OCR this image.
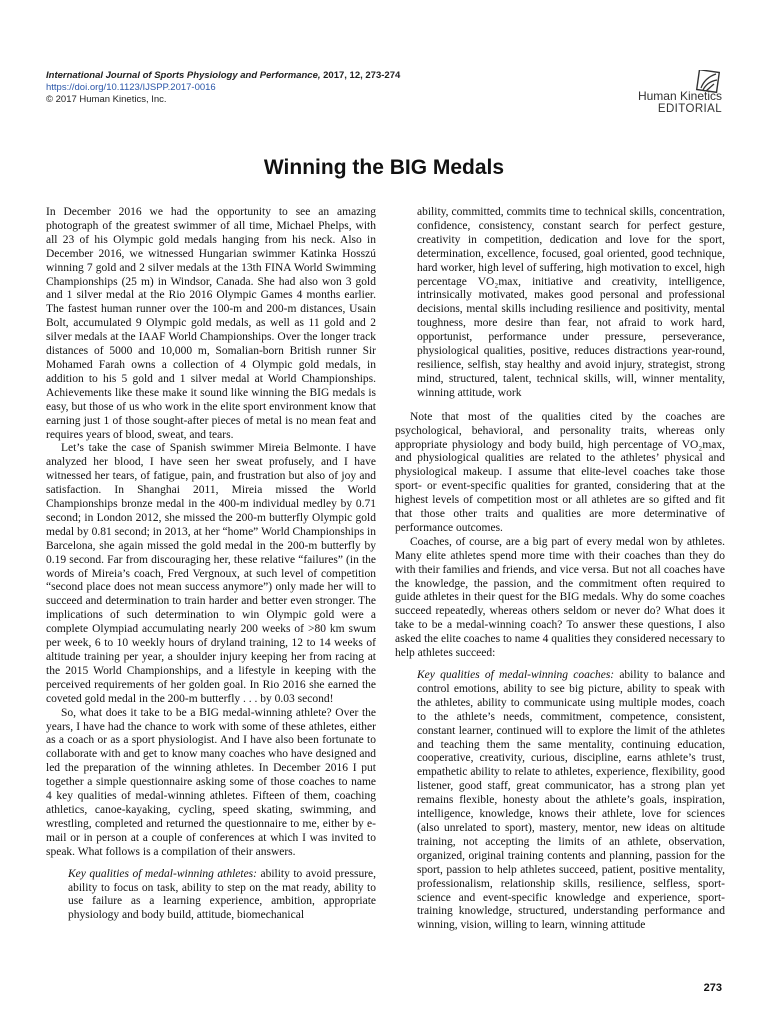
International Journal of Sports Physiology and Performance, 2017, 12, 273-274
https://doi.org/10.1123/IJSPP.2017-0016
© 2017 Human Kinetics, Inc.	Human Kinetics
EDITORIAL
Winning the BIG Medals

In December 2016 we had the opportunity to see an amazing photograph of the greatest swimmer of all time, Michael Phelps, with all 23 of his Olympic gold medals hanging from his neck. Also in December 2016, we witnessed Hungarian swimmer Katinka Hosszú winning 7 gold and 2 silver medals at the 13th FINA World Swimming Championships (25 m) in Windsor, Canada. She had also won 3 gold and 1 silver medal at the Rio 2016 Olympic Games 4 months earlier. The fastest human runner over the 100-m and 200-m distances, Usain Bolt, accumulated 9 Olympic gold medals, as well as 11 gold and 2 silver medals at the IAAF World Championships. Over the longer track distances of 5000 and 10,000 m, Somalian-born British runner Sir Mohamed Farah owns a collection of 4 Olympic gold medals, in addition to his 5 gold and 1 silver medal at World Championships. Achievements like these make it sound like winning the BIG medals is easy, but those of us who work in the elite sport environment know that earning just 1 of those sought-after pieces of metal is no mean feat and requires years of blood, sweat, and tears.

Let’s take the case of Spanish swimmer Mireia Belmonte. I have analyzed her blood, I have seen her sweat profusely, and I have witnessed her tears, of fatigue, pain, and frustration but also of joy and satisfaction. In Shanghai 2011, Mireia missed the World Championships bronze medal in the 400-m individual medley by 0.71 second; in London 2012, she missed the 200-m butterfly Olympic gold medal by 0.81 second; in 2013, at her “home” World Championships in Barcelona, she again missed the gold medal in the 200-m butterfly by 0.19 second. Far from discouraging her, these relative “failures” (in the words of Mireia’s coach, Fred Vergnoux, at such level of competition “second place does not mean success anymore”) only made her will to succeed and determination to train harder and better even stronger. The implications of such determination to win Olympic gold were a complete Olympiad accumulating nearly 200 weeks of >80 km swum per week, 6 to 10 weekly hours of dryland training, 12 to 14 weeks of altitude training per year, a shoulder injury keeping her from racing at the 2015 World Championships, and a lifestyle in keeping with the perceived requirements of her golden goal. In Rio 2016 she earned the coveted gold medal in the 200-m butterfly . . . by 0.03 second!

So, what does it take to be a BIG medal-winning athlete? Over the years, I have had the chance to work with some of these athletes, either as a coach or as a sport physiologist. And I have also been fortunate to collaborate with and get to know many coaches who have designed and led the preparation of the winning athletes. In December 2016 I put together a simple questionnaire asking some of those coaches to name 4 key qualities of medal-winning athletes. Fifteen of them, coaching athletics, canoe-kayaking, cycling, speed skating, swimming, and wrestling, completed and returned the questionnaire to me, either by e-mail or in person at a couple of conferences at which I was invited to speak. What follows is a compilation of their answers.

Key qualities of medal-winning athletes: ability to avoid pressure, ability to focus on task, ability to step on the mat ready, ability to use failure as a learning experience, ambition, appropriate physiology and body build, attitude, biomechanical

ability, committed, commits time to technical skills, concentration, confidence, consistency, constant search for perfect gesture, creativity in competition, dedication and love for the sport, determination, excellence, focused, goal oriented, good technique, hard worker, high level of suffering, high motivation to excel, high percentage VO₂max, initiative and creativity, intelligence, intrinsically motivated, makes good personal and professional decisions, mental skills including resilience and positivity, mental toughness, more desire than fear, not afraid to work hard, opportunist, performance under pressure, perseverance, physiological qualities, positive, reduces distractions year-round, resilience, selfish, stay healthy and avoid injury, strategist, strong mind, structured, talent, technical skills, will, winner mentality, winning attitude, work

Note that most of the qualities cited by the coaches are psychological, behavioral, and personality traits, whereas only appropriate physiology and body build, high percentage of VO₂max, and physiological qualities are related to the athletes’ physical and physiological makeup. I assume that elite-level coaches take those sport- or event-specific qualities for granted, considering that at the highest levels of competition most or all athletes are so gifted and fit that those other traits and qualities are more determinative of performance outcomes.

Coaches, of course, are a big part of every medal won by athletes. Many elite athletes spend more time with their coaches than they do with their families and friends, and vice versa. But not all coaches have the knowledge, the passion, and the commitment often required to guide athletes in their quest for the BIG medals. Why do some coaches succeed repeatedly, whereas others seldom or never do? What does it take to be a medal-winning coach? To answer these questions, I also asked the elite coaches to name 4 qualities they considered necessary to help athletes succeed:

Key qualities of medal-winning coaches: ability to balance and control emotions, ability to see big picture, ability to speak with the athletes, ability to communicate using multiple modes, coach to the athlete’s needs, commitment, competence, consistent, constant learner, continued will to explore the limit of the athletes and teaching them the same mentality, continuing education, cooperative, creativity, curious, discipline, earns athlete’s trust, empathetic ability to relate to athletes, experience, flexibility, good listener, good staff, great communicator, has a strong plan yet remains flexible, honesty about the athlete’s goals, inspiration, intelligence, knowledge, knows their athlete, love for sciences (also unrelated to sport), mastery, mentor, new ideas on altitude training, not accepting the limits of an athlete, observation, organized, original training contents and planning, passion for the sport, passion to help athletes succeed, patient, positive mentality, professionalism, relationship skills, resilience, selfless, sport-science and event-specific knowledge and experience, sport-training knowledge, structured, understanding performance and winning, vision, willing to learn, winning attitude

273
